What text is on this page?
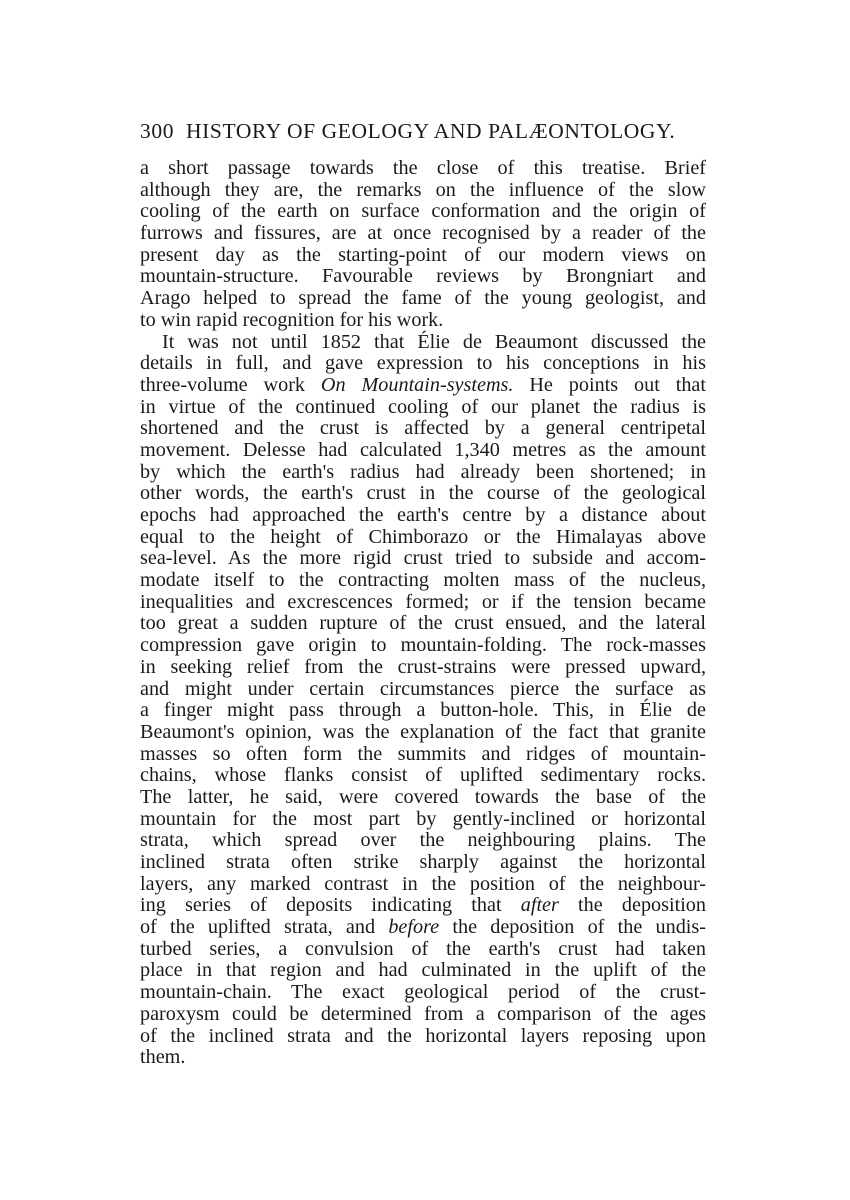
300 HISTORY OF GEOLOGY AND PALÆONTOLOGY.
a short passage towards the close of this treatise. Brief
although they are, the remarks on the influence of the slow
cooling of the earth on surface conformation and the origin of
furrows and fissures, are at once recognised by a reader of the
present day as the starting-point of our modern views on
mountain-structure. Favourable reviews by Brongniart and
Arago helped to spread the fame of the young geologist, and
to win rapid recognition for his work.
It was not until 1852 that Élie de Beaumont discussed the
details in full, and gave expression to his conceptions in his
three-volume work On Mountain-systems. He points out that
in virtue of the continued cooling of our planet the radius is
shortened and the crust is affected by a general centripetal
movement. Delesse had calculated 1,340 metres as the amount
by which the earth's radius had already been shortened; in
other words, the earth's crust in the course of the geological
epochs had approached the earth's centre by a distance about
equal to the height of Chimborazo or the Himalayas above
sea-level. As the more rigid crust tried to subside and accom-
modate itself to the contracting molten mass of the nucleus,
inequalities and excrescences formed; or if the tension became
too great a sudden rupture of the crust ensued, and the lateral
compression gave origin to mountain-folding. The rock-masses
in seeking relief from the crust-strains were pressed upward,
and might under certain circumstances pierce the surface as
a finger might pass through a button-hole. This, in Élie de
Beaumont's opinion, was the explanation of the fact that granite
masses so often form the summits and ridges of mountain-
chains, whose flanks consist of uplifted sedimentary rocks.
The latter, he said, were covered towards the base of the
mountain for the most part by gently-inclined or horizontal
strata, which spread over the neighbouring plains. The
inclined strata often strike sharply against the horizontal
layers, any marked contrast in the position of the neighbour-
ing series of deposits indicating that after the deposition
of the uplifted strata, and before the deposition of the undis-
turbed series, a convulsion of the earth's crust had taken
place in that region and had culminated in the uplift of the
mountain-chain. The exact geological period of the crust-
paroxysm could be determined from a comparison of the ages
of the inclined strata and the horizontal layers reposing upon
them.
